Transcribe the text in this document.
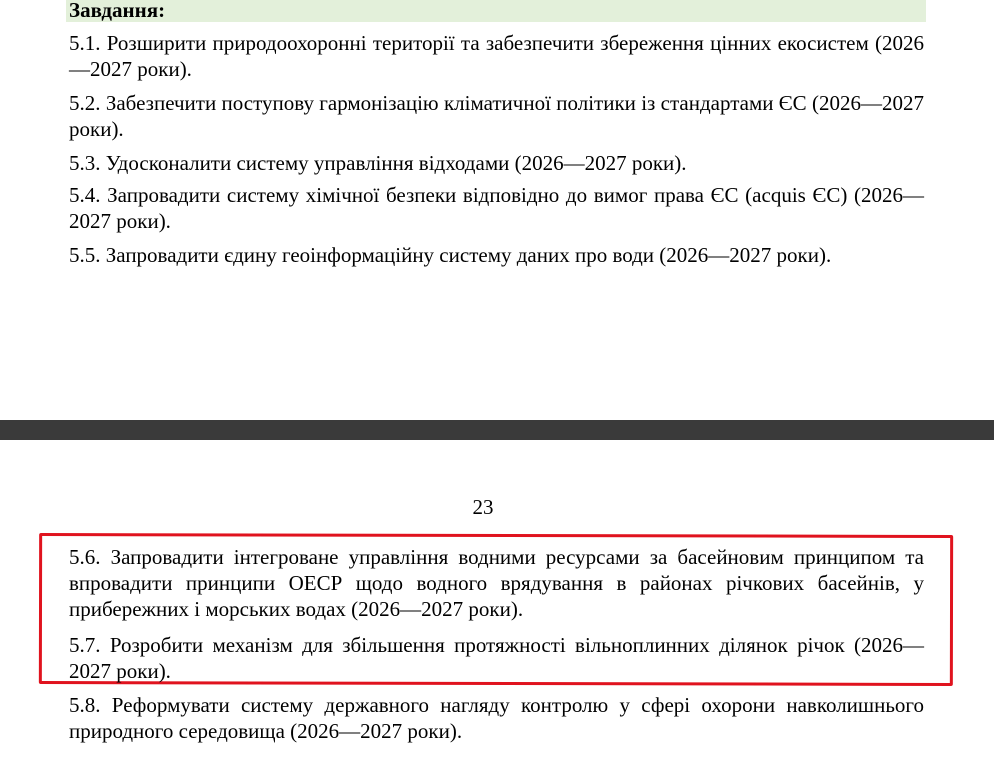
Завдання:

5.1. Розширити природоохоронні території та забезпечити збереження цінних екосистем (2026—2027 роки).

5.2. Забезпечити поступову гармонізацію кліматичної політики із стандартами ЄС (2026—2027 роки).

5.3. Удосконалити систему управління відходами (2026—2027 роки).

5.4. Запровадити систему хімічної безпеки відповідно до вимог права ЄС (acquis ЄС) (2026—2027 роки).

5.5. Запровадити єдину геоінформаційну систему даних про води (2026—2027 роки).

23

5.6. Запровадити інтегроване управління водними ресурсами за басейновим принципом та впровадити принципи ОЕСР щодо водного врядування в районах річкових басейнів, у прибережних і морських водах (2026—2027 роки).

5.7. Розробити механізм для збільшення протяжності вільноплинних ділянок річок (2026—2027 роки).

5.8. Реформувати систему державного нагляду контролю у сфері охорони навколишнього природного середовища (2026—2027 роки).
